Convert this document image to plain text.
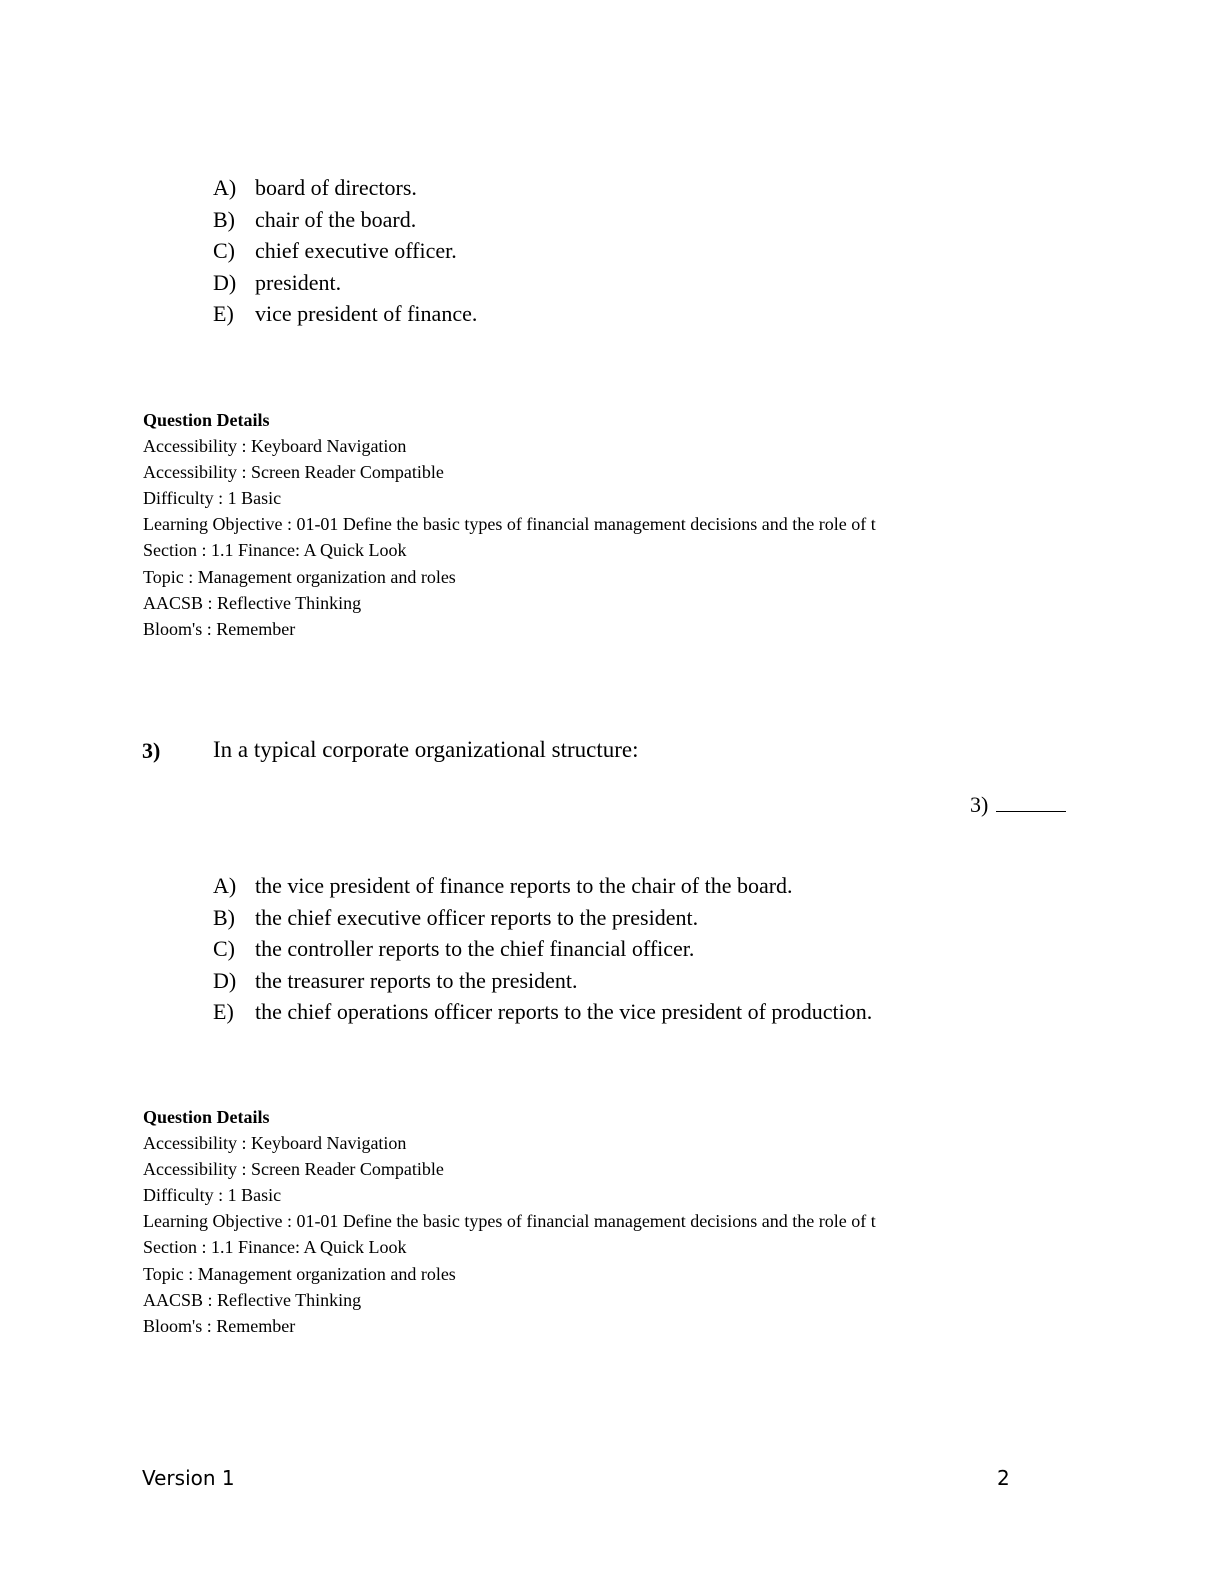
A) board of directors.
B) chair of the board.
C) chief executive officer.
D) president.
E) vice president of finance.
Question Details
Accessibility : Keyboard Navigation
Accessibility : Screen Reader Compatible
Difficulty : 1 Basic
Learning Objective : 01-01 Define the basic types of financial management decisions and the role of t
Section : 1.1 Finance: A Quick Look
Topic : Management organization and roles
AACSB : Reflective Thinking
Bloom's : Remember
3) In a typical corporate organizational structure:
3)
A) the vice president of finance reports to the chair of the board.
B) the chief executive officer reports to the president.
C) the controller reports to the chief financial officer.
D) the treasurer reports to the president.
E) the chief operations officer reports to the vice president of production.
Question Details
Accessibility : Keyboard Navigation
Accessibility : Screen Reader Compatible
Difficulty : 1 Basic
Learning Objective : 01-01 Define the basic types of financial management decisions and the role of t
Section : 1.1 Finance: A Quick Look
Topic : Management organization and roles
AACSB : Reflective Thinking
Bloom's : Remember
Version 1	2
